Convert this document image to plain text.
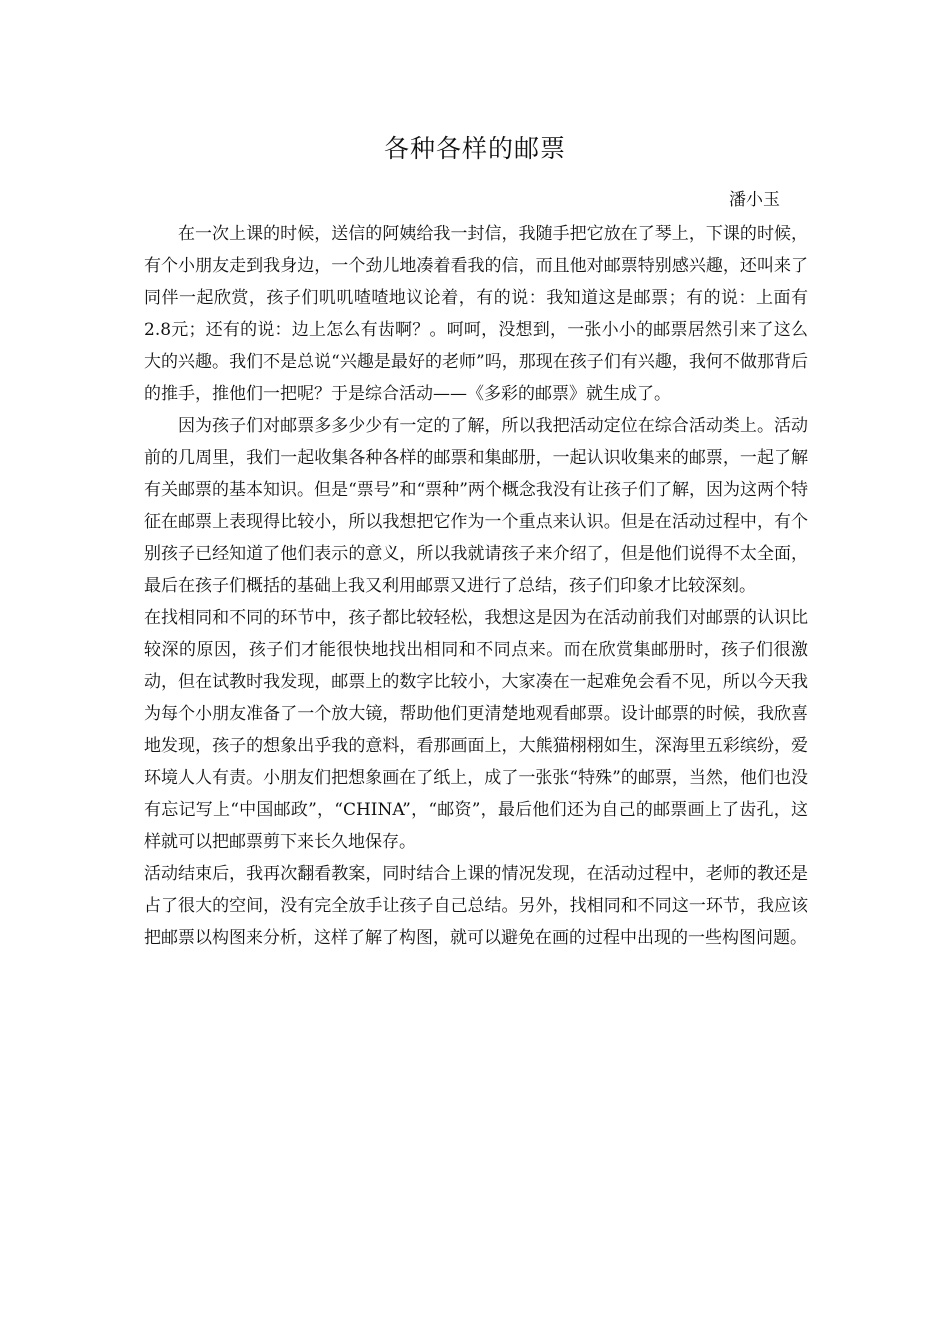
各种各样的邮票
潘小玉

在一次上课的时候，送信的阿姨给我一封信，我随手把它放在了琴上，下课的时候，有个小朋友走到我身边，一个劲儿地凑着看我的信，而且他对邮票特别感兴趣，还叫来了同伴一起欣赏，孩子们叽叽喳喳地议论着，有的说：我知道这是邮票；有的说：上面有2.8元；还有的说：边上怎么有齿啊？。呵呵，没想到，一张小小的邮票居然引来了这么大的兴趣。我们不是总说“兴趣是最好的老师”吗，那现在孩子们有兴趣，我何不做那背后的推手，推他们一把呢？于是综合活动——《多彩的邮票》就生成了。

因为孩子们对邮票多多少少有一定的了解，所以我把活动定位在综合活动类上。活动前的几周里，我们一起收集各种各样的邮票和集邮册，一起认识收集来的邮票，一起了解有关邮票的基本知识。但是“票号”和“票种”两个概念我没有让孩子们了解，因为这两个特征在邮票上表现得比较小，所以我想把它作为一个重点来认识。但是在活动过程中，有个别孩子已经知道了他们表示的意义，所以我就请孩子来介绍了，但是他们说得不太全面，最后在孩子们概括的基础上我又利用邮票又进行了总结，孩子们印象才比较深刻。

在找相同和不同的环节中，孩子都比较轻松，我想这是因为在活动前我们对邮票的认识比较深的原因，孩子们才能很快地找出相同和不同点来。而在欣赏集邮册时，孩子们很激动，但在试教时我发现，邮票上的数字比较小，大家凑在一起难免会看不见，所以今天我为每个小朋友准备了一个放大镜，帮助他们更清楚地观看邮票。设计邮票的时候，我欣喜地发现，孩子的想象出乎我的意料，看那画面上，大熊猫栩栩如生，深海里五彩缤纷，爱环境人人有责。小朋友们把想象画在了纸上，成了一张张“特殊”的邮票，当然，他们也没有忘记写上“中国邮政”，“CHINA”，“邮资”，最后他们还为自己的邮票画上了齿孔，这样就可以把邮票剪下来长久地保存。

活动结束后，我再次翻看教案，同时结合上课的情况发现，在活动过程中，老师的教还是占了很大的空间，没有完全放手让孩子自己总结。另外，找相同和不同这一环节，我应该把邮票以构图来分析，这样了解了构图，就可以避免在画的过程中出现的一些构图问题。
